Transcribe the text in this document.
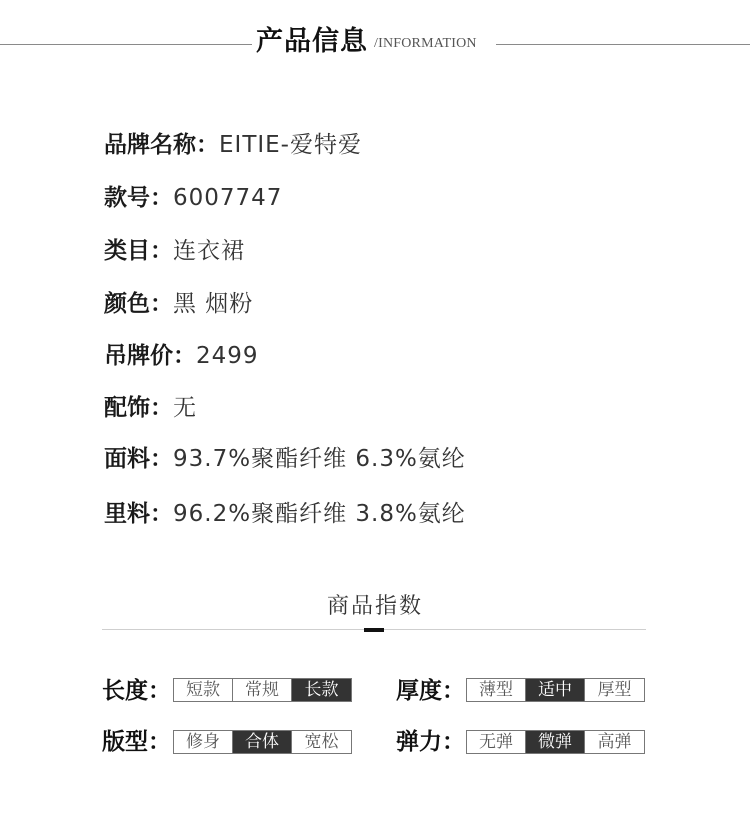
产品信息 /INFORMATION
品牌名称：EITIE-爱特爱
款号：6007747
类目：连衣裙
颜色：黑 烟粉
吊牌价：2499
配饰：无
面料：93.7%聚酯纤维 6.3%氨纶
里料：96.2%聚酯纤维 3.8%氨纶
商品指数
长度： 短款	常规	长款	厚度： 薄型	适中	厚型
版型： 修身	合体	宽松	弹力： 无弹	微弹	高弹
